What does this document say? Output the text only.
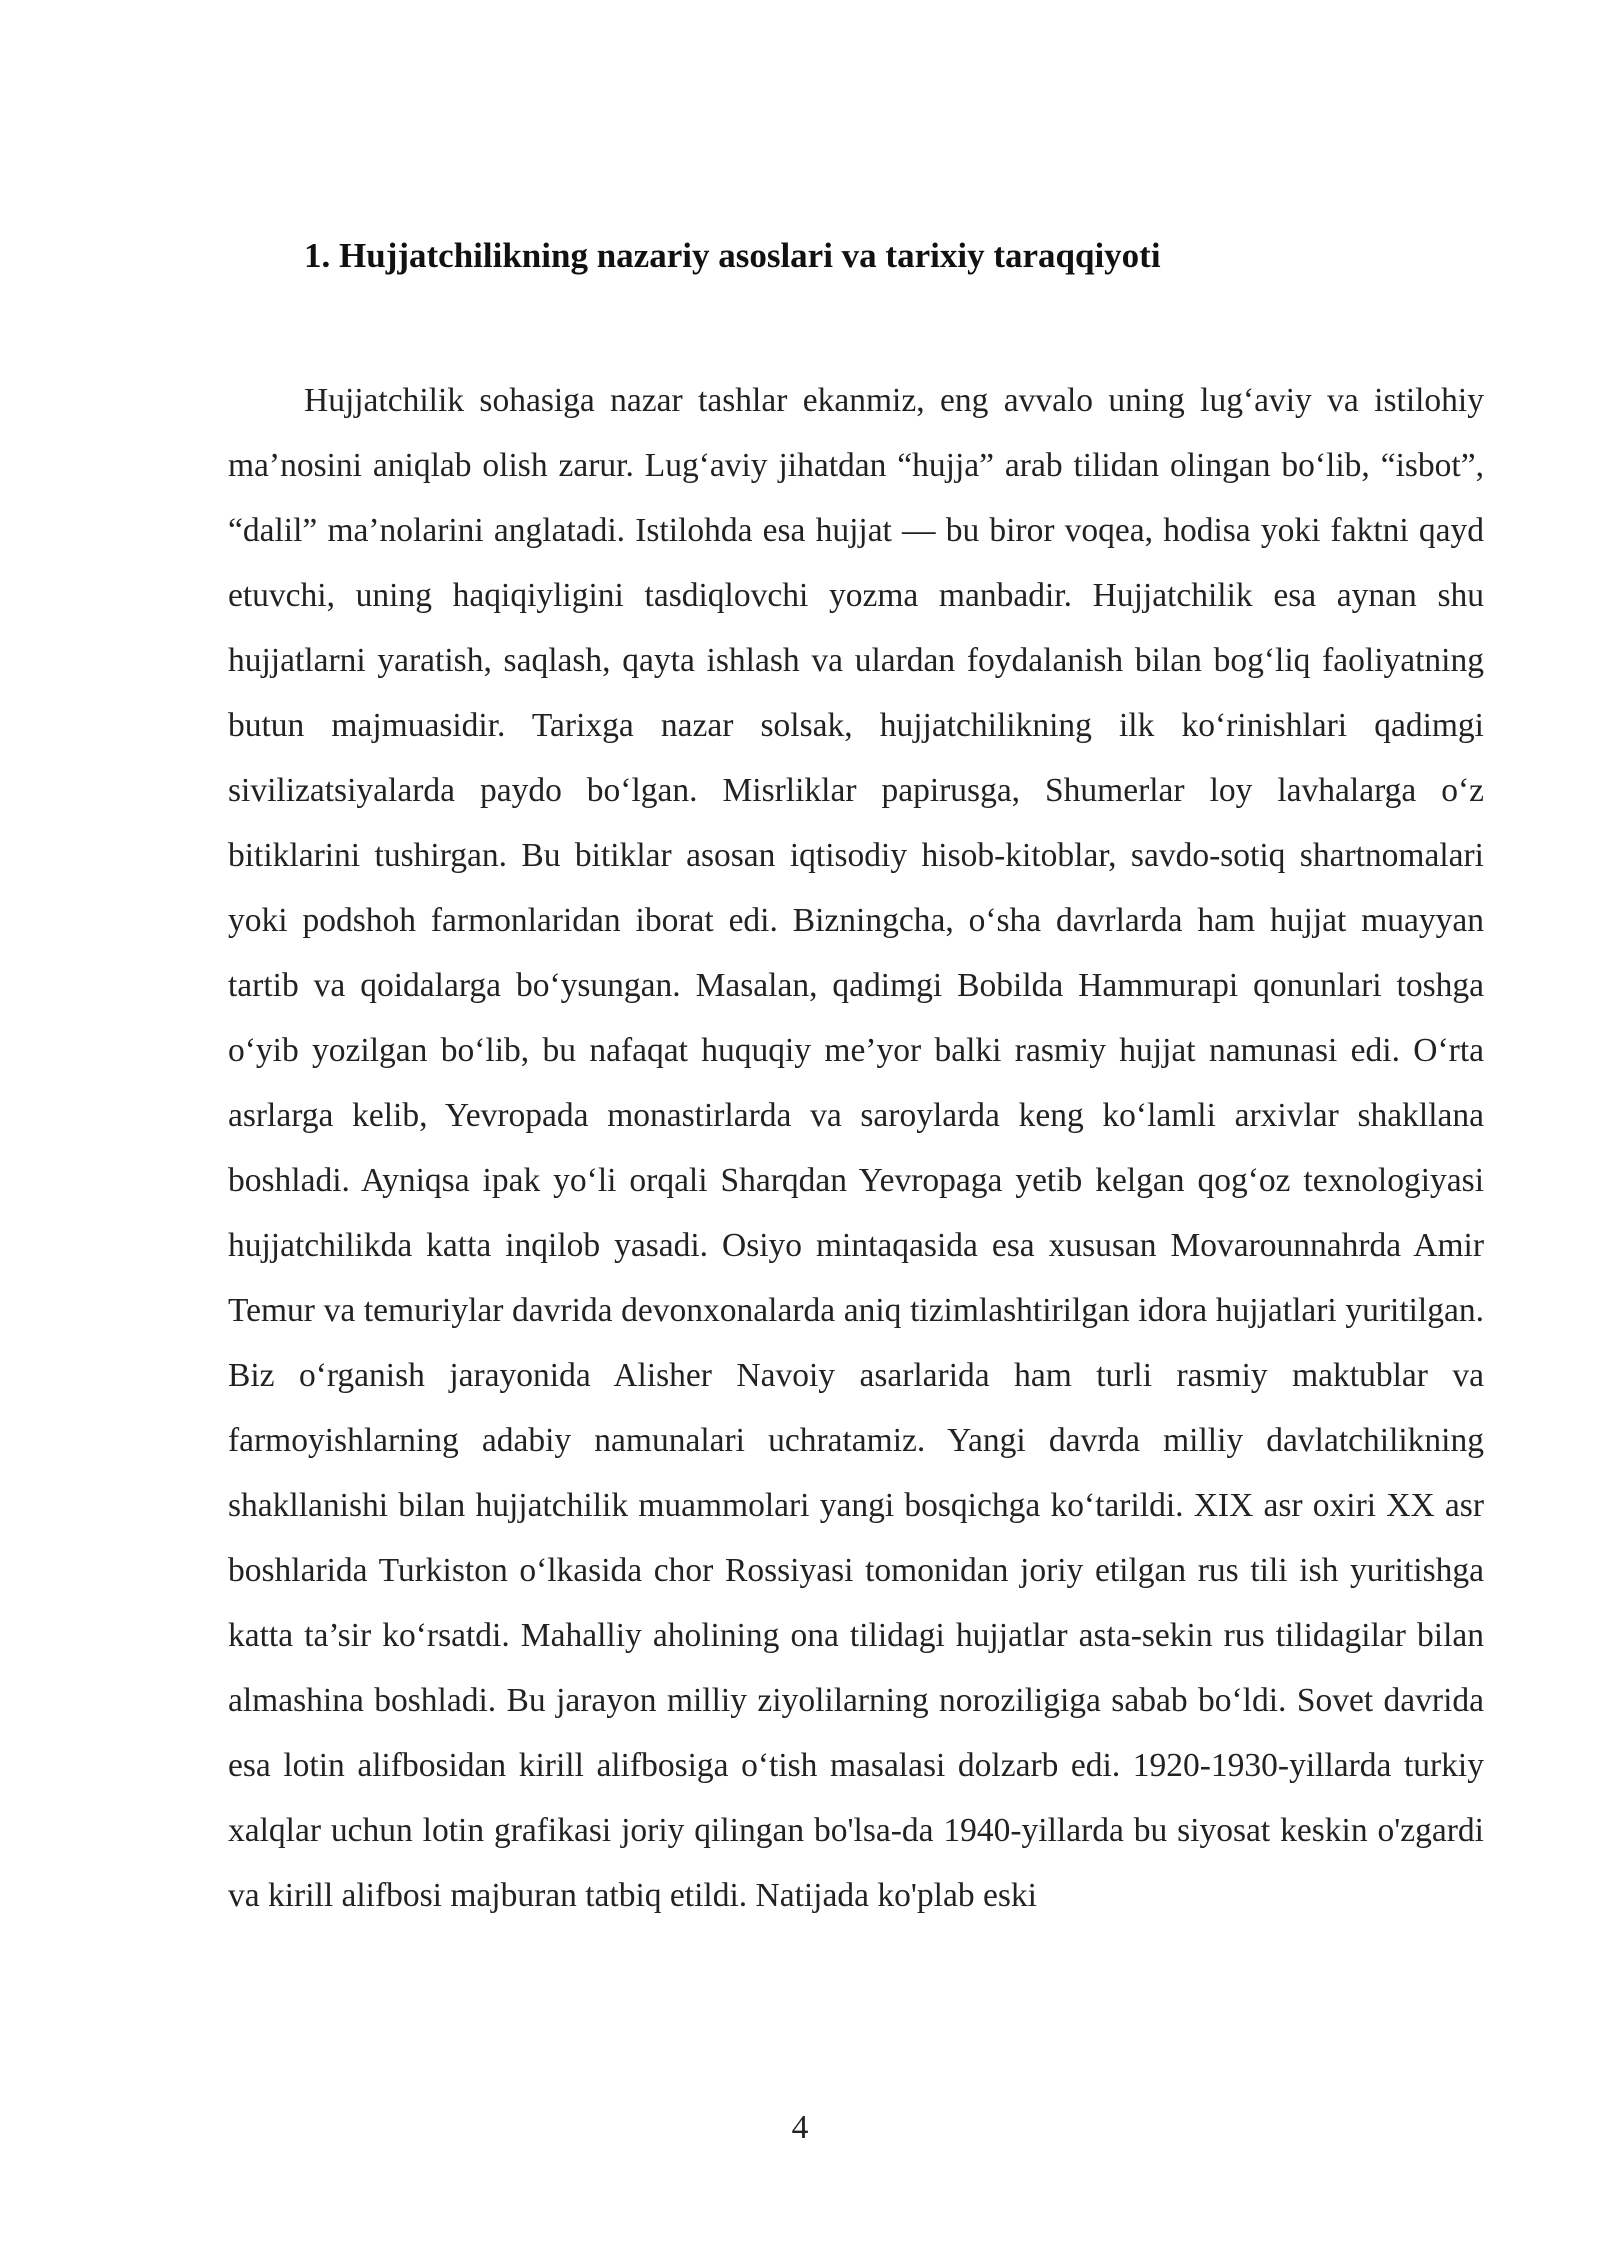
1. Hujjatchilikning nazariy asoslari va tarixiy taraqqiyoti

Hujjatchilik sohasiga nazar tashlar ekanmiz, eng avvalo uning lug‘aviy va istilohiy ma’nosini aniqlab olish zarur. Lug‘aviy jihatdan “hujja” arab tilidan olingan bo‘lib, “isbot”, “dalil” ma’nolarini anglatadi. Istilohda esa hujjat — bu biror voqea, hodisa yoki faktni qayd etuvchi, uning haqiqiyligini tasdiqlovchi yozma manbadir. Hujjatchilik esa aynan shu hujjatlarni yaratish, saqlash, qayta ishlash va ulardan foydalanish bilan bog‘liq faoliyatning butun majmuasidir. Tarixga nazar solsak, hujjatchilikning ilk ko‘rinishlari qadimgi sivilizatsiyalarda paydo bo‘lgan. Misrliklar papirusga, Shumerlar loy lavhalarga o‘z bitiklarini tushirgan. Bu bitiklar asosan iqtisodiy hisob-kitoblar, savdo-sotiq shartnomalari yoki podshoh farmonlaridan iborat edi. Bizningcha, o‘sha davrlarda ham hujjat muayyan tartib va qoidalarga bo‘ysungan. Masalan, qadimgi Bobilda Hammurapi qonunlari toshga o‘yib yozilgan bo‘lib, bu nafaqat huquqiy me’yor balki rasmiy hujjat namunasi edi. O‘rta asrlarga kelib, Yevropada monastirlarda va saroylarda keng ko‘lamli arxivlar shakllana boshladi. Ayniqsa ipak yo‘li orqali Sharqdan Yevropaga yetib kelgan qog‘oz texnologiyasi hujjatchilikda katta inqilob yasadi. Osiyo mintaqasida esa xususan Movarounnahrda Amir Temur va temuriylar davrida devonxonalarda aniq tizimlashtirilgan idora hujjatlari yuritilgan. Biz o‘rganish jarayonida Alisher Navoiy asarlarida ham turli rasmiy maktublar va farmoyishlarning adabiy namunalari uchratamiz. Yangi davrda milliy davlatchilikning shakllanishi bilan hujjatchilik muammolari yangi bosqichga ko‘tarildi. XIX asr oxiri XX asr boshlarida Turkiston o‘lkasida chor Rossiyasi tomonidan joriy etilgan rus tili ish yuritishga katta ta’sir ko‘rsatdi. Mahalliy aholining ona tilidagi hujjatlar asta-sekin rus tilidagilar bilan almashina boshladi. Bu jarayon milliy ziyolilarning noroziligiga sabab bo‘ldi. Sovet davrida esa lotin alifbosidan kirill alifbosiga o‘tish masalasi dolzarb edi. 1920-1930-yillarda turkiy xalqlar uchun lotin grafikasi joriy qilingan bo'lsa-da 1940-yillarda bu siyosat keskin o'zgardi va kirill alifbosi majburan tatbiq etildi. Natijada ko'plab eski

4
